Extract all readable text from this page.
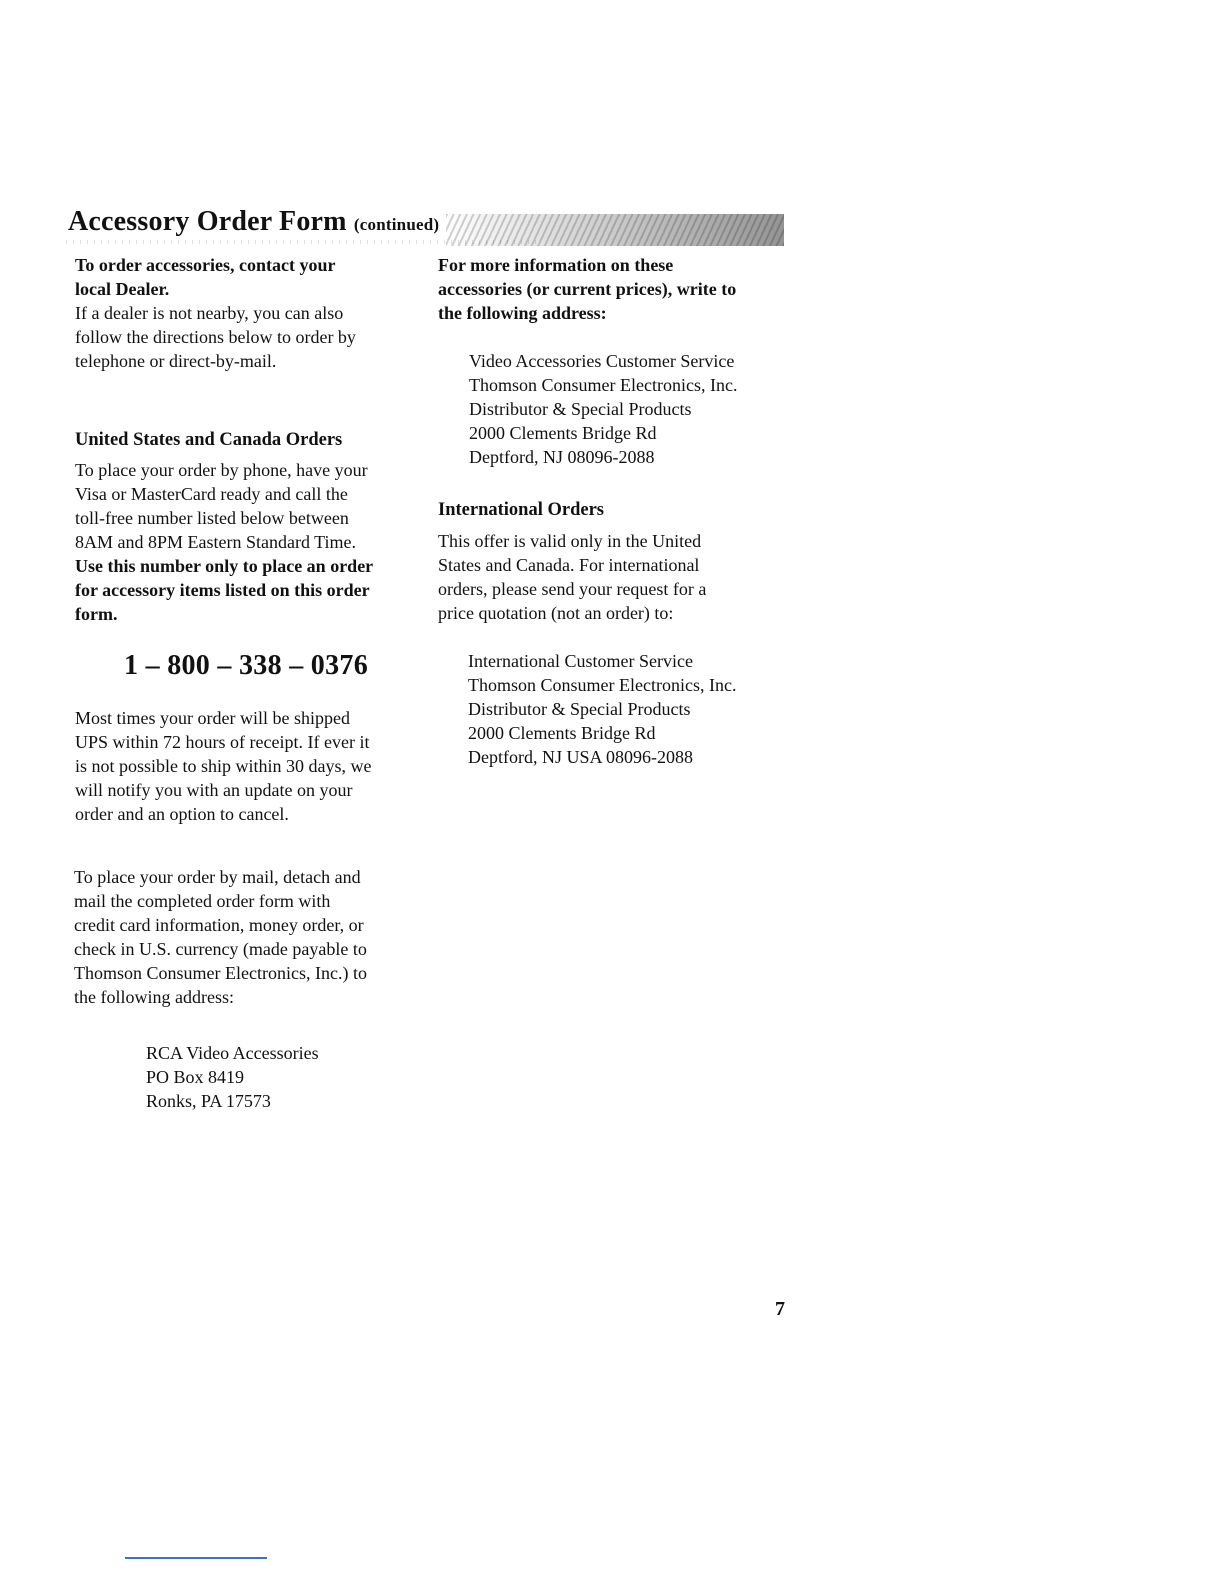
Accessory Order Form (continued)
To order accessories, contact your
local Dealer.
If a dealer is not nearby, you can also
follow the directions below to order by
telephone or direct-by-mail.
United States and Canada Orders
To place your order by phone, have your
Visa or MasterCard ready and call the
toll-free number listed below between
8AM and 8PM Eastern Standard Time.
Use this number only to place an order
for accessory items listed on this order
form.
1 – 800 – 338 – 0376
Most times your order will be shipped
UPS within 72 hours of receipt. If ever it
is not possible to ship within 30 days, we
will notify you with an update on your
order and an option to cancel.
To place your order by mail, detach and
mail the completed order form with
credit card information, money order, or
check in U.S. currency (made payable to
Thomson Consumer Electronics, Inc.) to
the following address:
RCA Video Accessories
PO Box 8419
Ronks, PA 17573
For more information on these
accessories (or current prices), write to
the following address:
Video Accessories Customer Service
Thomson Consumer Electronics, Inc.
Distributor & Special Products
2000 Clements Bridge Rd
Deptford, NJ 08096-2088
International Orders
This offer is valid only in the United
States and Canada. For international
orders, please send your request for a
price quotation (not an order) to:
International Customer Service
Thomson Consumer Electronics, Inc.
Distributor & Special Products
2000 Clements Bridge Rd
Deptford, NJ USA 08096-2088
7
